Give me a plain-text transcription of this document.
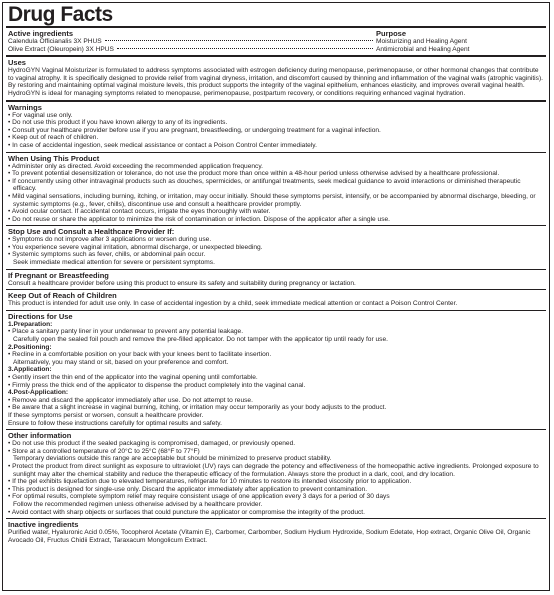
Drug Facts
Active ingredients	Purpose
Calendula Officianalis 3X PHUS	Moisturizing and Healing Agent
Olive Extract (Oleuropein) 3X HPUS	Antimicrobial and Healing Agent
Uses
HydroGYN Vaginal Moisturizer is formulated to address symptoms associated with estrogen deficiency during menopause, perimenopause, or other hormonal changes that contribute to vaginal atrophy. It is specifically designed to provide relief from vaginal dryness, irritation, and discomfort caused by thinning and inflammation of the vaginal walls (atrophic vaginitis). By restoring and maintaining optimal vaginal moisture levels, this product supports the integrity of the vaginal epithelium, enhances elasticity, and improves overall vaginal health. HydroGYN is ideal for managing symptoms related to menopause, perimenopause, postpartum recovery, or conditions requiring enhanced vaginal hydration.
Warnings
• For vaginal use only.
• Do not use this product if you have known allergy to any of its ingredients.
• Consult your healthcare provider before use if you are pregnant, breastfeeding, or undergoing treatment for a vaginal infection.
• Keep out of reach of children.
• In case of accidental ingestion, seek medical assistance or contact a Poison Control Center immediately.
When Using This Product
• Administer only as directed. Avoid exceeding the recommended application frequency.
• To prevent potential desensitization or tolerance, do not use the product more than once within a 48-hour period unless otherwise advised by a healthcare professional.
• If concurrently using other intravaginal products such as douches, spermicides, or antifungal treatments, seek medical guidance to avoid interactions or diminished therapeutic efficacy.
• Mild vaginal sensations, including burning, itching, or irritation, may occur initially. Should these symptoms persist, intensify, or be accompanied by abnormal discharge, bleeding, or systemic symptoms (e.g., fever, chills), discontinue use and consult a healthcare provider promptly.
• Avoid ocular contact. If accidental contact occurs, irrigate the eyes thoroughly with water.
• Do not reuse or share the applicator to minimize the risk of contamination or infection. Dispose of the applicator after a single use.
Stop Use and Consult a Healthcare Provider If:
• Symptoms do not improve after 3 applications or worsen during use.
• You experience severe vaginal irritation, abnormal discharge, or unexpected bleeding.
• Systemic symptoms such as fever, chills, or abdominal pain occur.
Seek immediate medical attention for severe or persistent symptoms.
If Pregnant or Breastfeeding
Consult a healthcare provider before using this product to ensure its safety and suitability during pregnancy or lactation.
Keep Out of Reach of Children
This product is intended for adult use only. In case of accidental ingestion by a child, seek immediate medical attention or contact a Poison Control Center.
Directions for Use
1.Preparation:
• Place a sanitary panty liner in your underwear to prevent any potential leakage.
Carefully open the sealed foil pouch and remove the pre-filled applicator. Do not tamper with the applicator tip until ready for use.
2.Positioning:
• Recline in a comfortable position on your back with your knees bent to facilitate insertion.
Alternatively, you may stand or sit, based on your preference and comfort.
3.Application:
• Gently insert the thin end of the applicator into the vaginal opening until comfortable.
• Firmly press the thick end of the applicator to dispense the product completely into the vaginal canal.
4.Post-Application:
• Remove and discard the applicator immediately after use. Do not attempt to reuse.
• Be aware that a slight increase in vaginal burning, itching, or irritation may occur temporarily as your body adjusts to the product.
If these symptoms persist or worsen, consult a healthcare provider.
Ensure to follow these instructions carefully for optimal results and safety.
Other information
• Do not use this product if the sealed packaging is compromised, damaged, or previously opened.
• Store at a controlled temperature of 20°C to 25°C (68°F to 77°F)
Temporary deviations outside this range are acceptable but should be minimized to preserve product stability.
• Protect the product from direct sunlight as exposure to ultraviolet (UV) rays can degrade the potency and effectiveness of the homeopathic active ingredients. Prolonged exposure to sunlight may alter the chemical stability and reduce the therapeutic efficacy of the formulation. Always store the product in a dark, cool, and dry location.
• If the gel exhibits liquefaction due to elevated temperatures, refrigerate for 10 minutes to restore its intended viscosity prior to application.
• This product is designed for single-use only. Discard the applicator immediately after application to prevent contamination.
• For optimal results, complete symptom relief may require consistent usage of one application every 3 days for a period of 30 days
Follow the recommended regimen unless otherwise advised by a healthcare provider.
• Avoid contact with sharp objects or surfaces that could puncture the applicator or compromise the integrity of the product.
Inactive ingredients
Purified water, Hyaluronic Acid 0.05%, Tocopherol Acetate (Vitamin E), Carbomer, Carbomber, Sodium Hydium Hydroxide, Sodium Edetate, Hop extract, Organic Olive Oil, Organic Avocado Oil, Fructus Chidii Extract, Taraxacum Mongolicum Extract.
